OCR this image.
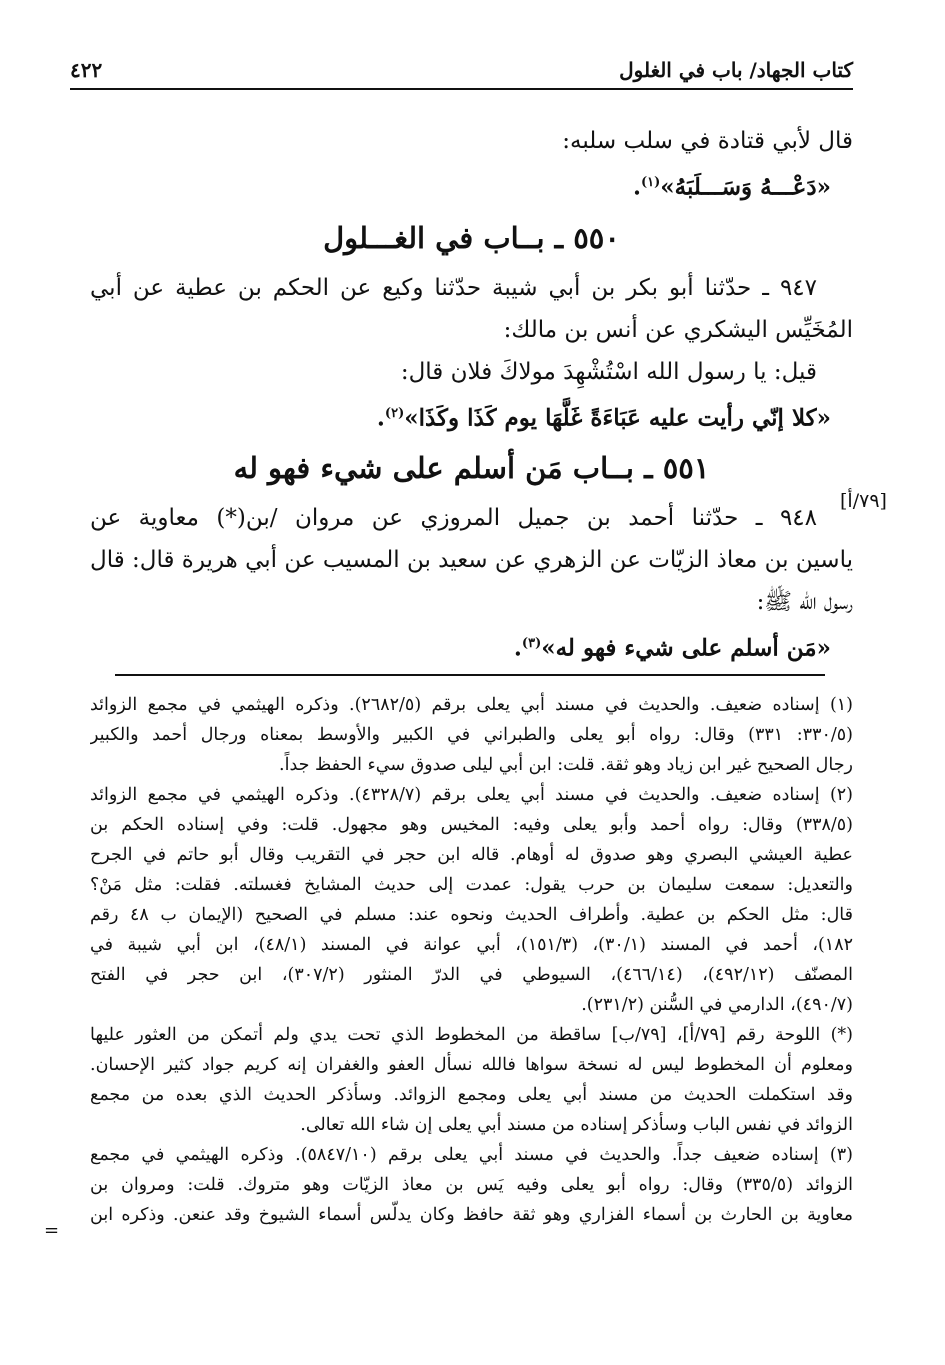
كتاب الجهاد/ باب في الغلول
٤٢٢
قال لأبي قتادة في سلب سلبه:
«دَعْـــهُ وَسَـــلَبَهُ»$^{(١)}$.
٥٥٠ ـ بــاب في الغـــلول
٩٤٧ ـ حدّثنا أبو بكر بن أبي شيبة حدّثنا وكيع عن الحكم بن عطية عن أبي
المُخَيِّس اليشكري عن أنس بن مالك:
قيل: يا رسول الله اسْتُشْهِدَ مولاكَ فلان قال:
«كلا إنّي رأيت عليه عَبَاءَةً غَلَّهَا يوم كَذَا وكَذَا»$^{(٢)}$.
٥٥١ ـ بــاب مَن أسلم على شيء فهو له
٩٤٨ ـ حدّثنا أحمد بن جميل المروزي عن مروان /بن(*) معاوية عن
ياسين بن معاذ الزيّات عن الزهري عن سعيد بن المسيب عن أبي هريرة قال: قال
رسول الله ﷺ:
«مَن أسلم على شيء فهو له»$^{(٣)}$.
[٧٩/أ]
(١) إسناده ضعيف. والحديث في مسند أبي يعلى برقم (٢٦٨٢/٥). وذكره الهيثمي في مجمع الزوائد
(٣٣٠/٥: ٣٣١) وقال: رواه أبو يعلى والطبراني في الكبير والأوسط بمعناه ورجال أحمد والكبير
رجال الصحيح غير ابن زياد وهو ثقة. قلت: ابن أبي ليلى صدوق سيء الحفظ جداً.
(٢) إسناده ضعيف. والحديث في مسند أبي يعلى برقم (٤٣٢٨/٧). وذكره الهيثمي في مجمع الزوائد
(٣٣٨/٥) وقال: رواه أحمد وأبو يعلى وفيه: المخيس وهو مجهول. قلت: وفي إسناده الحكم بن
عطية العيشي البصري وهو صدوق له أوهام. قاله ابن حجر في التقريب وقال أبو حاتم في الجرح
والتعديل: سمعت سليمان بن حرب يقول: عمدت إلى حديث المشايخ فغسلته. فقلت: مثل مَنْ؟
قال: مثل الحكم بن عطية. وأطراف الحديث ونحوه عند: مسلم في الصحيح (الإيمان ب ٤٨ رقم
١٨٢)، أحمد في المسند (٣٠/١)، (١٥١/٣)، أبي عوانة في المسند (٤٨/١)، ابن أبي شيبة في
المصنّف (٤٩٢/١٢)، (٤٦٦/١٤)، السيوطي في الدرّ المنثور (٣٠٧/٢)، ابن حجر في الفتح
(٤٩٠/٧)، الدارمي في السُّنن (٢٣١/٢).
(*) اللوحة رقم [٧٩/أ]، [٧٩/ب] ساقطة من المخطوط الذي تحت يدي ولم أتمكن من العثور عليها
ومعلوم أن المخطوط ليس له نسخة سواها فالله نسأل العفو والغفران إنه كريم جواد كثير الإحسان.
وقد استكملت الحديث من مسند أبي يعلى ومجمع الزوائد. وسأذكر الحديث الذي بعده من مجمع
الزوائد في نفس الباب وسأذكر إسناده من مسند أبي يعلى إن شاء الله تعالى.
(٣) إسناده ضعيف جداً. والحديث في مسند أبي يعلى برقم (٥٨٤٧/١٠). وذكره الهيثمي في مجمع
الزوائد (٣٣٥/٥) وقال: رواه أبو يعلى وفيه يَس بن معاذ الزيّات وهو متروك. قلت: ومروان بن
معاوية بن الحارث بن أسماء الفزاري وهو ثقة حافظ وكان يدلّس أسماء الشيوخ وقد عنعن. وذكره ابن
=
